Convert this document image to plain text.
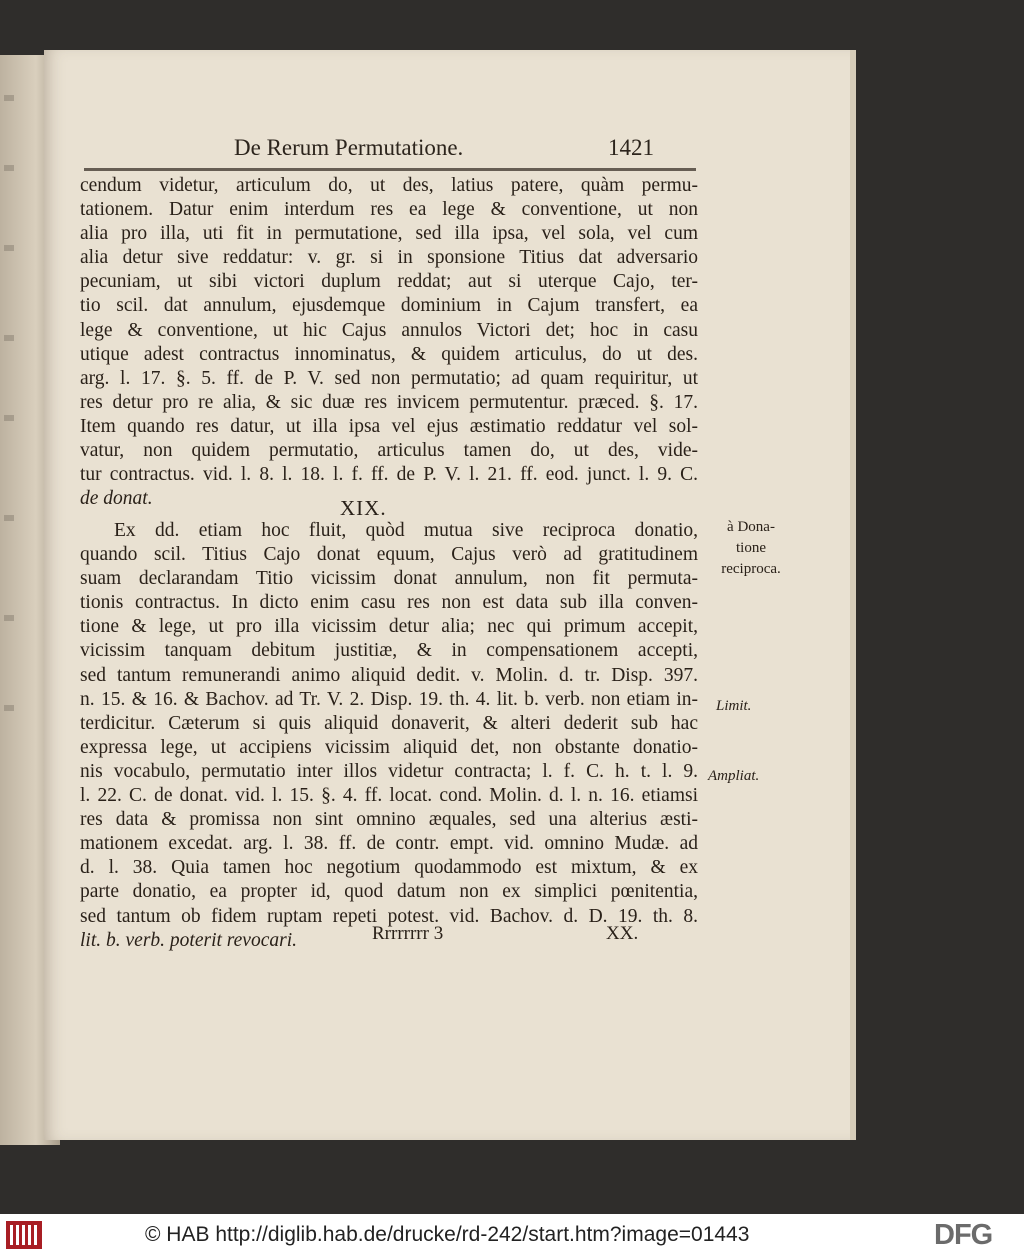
De Rerum Permutatione.	1421
cendum videtur, articulum do, ut des, latius patere, quàm permu-
tationem. Datur enim interdum res ea lege & conventione, ut non
alia pro illa, uti fit in permutatione, sed illa ipsa, vel sola, vel cum
alia detur sive reddatur: v. gr. si in sponsione Titius dat adversario
pecuniam, ut sibi victori duplum reddat; aut si uterque Cajo, ter-
tio scil. dat annulum, ejusdemque dominium in Cajum transfert, ea
lege & conventione, ut hic Cajus annulos Victori det; hoc in casu
utique adest contractus innominatus, & quidem articulus, do ut des.
arg. l. 17. §. 5. ff. de P. V. sed non permutatio; ad quam requiritur, ut
res detur pro re alia, & sic duæ res invicem permutentur. præced. §. 17.
Item quando res datur, ut illa ipsa vel ejus æstimatio reddatur vel sol-
vatur, non quidem permutatio, articulus tamen do, ut des, vide-
tur contractus. vid. l. 8. l. 18. l. f. ff. de P. V. l. 21. ff. eod. junct. l. 9. C.
de donat.	XIX.
Ex dd. etiam hoc fluit, quòd mutua sive reciproca donatio,
quando scil. Titius Cajo donat equum, Cajus verò ad gratitudinem
suam declarandam Titio vicissim donat annulum, non fit permuta-
tionis contractus. In dicto enim casu res non est data sub illa conven-
tione & lege, ut pro illa vicissim detur alia; nec qui primum accepit,
vicissim tanquam debitum justitiæ, & in compensationem accepti,
sed tantum remunerandi animo aliquid dedit. v. Molin. d. tr. Disp. 397.
n. 15. & 16. & Bachov. ad Tr. V. 2. Disp. 19. th. 4. lit. b. verb. non etiam in-
terdicitur. Cæterum si quis aliquid donaverit, & alteri dederit sub hac
expressa lege, ut accipiens vicissim aliquid det, non obstante donatio-
nis vocabulo, permutatio inter illos videtur contracta; l. f. C. h. t. l. 9.
l. 22. C. de donat. vid. l. 15. §. 4. ff. locat. cond. Molin. d. l. n. 16. etiamsi
res data & promissa non sint omnino æquales, sed una alterius æsti-
mationem excedat. arg. l. 38. ff. de contr. empt. vid. omnino Mudæ. ad
d. l. 38. Quia tamen hoc negotium quodammodo est mixtum, & ex
parte donatio, ea propter id, quod datum non ex simplici pœnitentia,
sed tantum ob fidem ruptam repeti potest. vid. Bachov. d. D. 19. th. 8.
lit. b. verb. poterit revocari.
à Dona-
tione
reciproca.
Limit.
Ampliat.
Rrrrrrrr 3	XX.
© HAB http://diglib.hab.de/drucke/rd-242/start.htm?image=01443	DFG
